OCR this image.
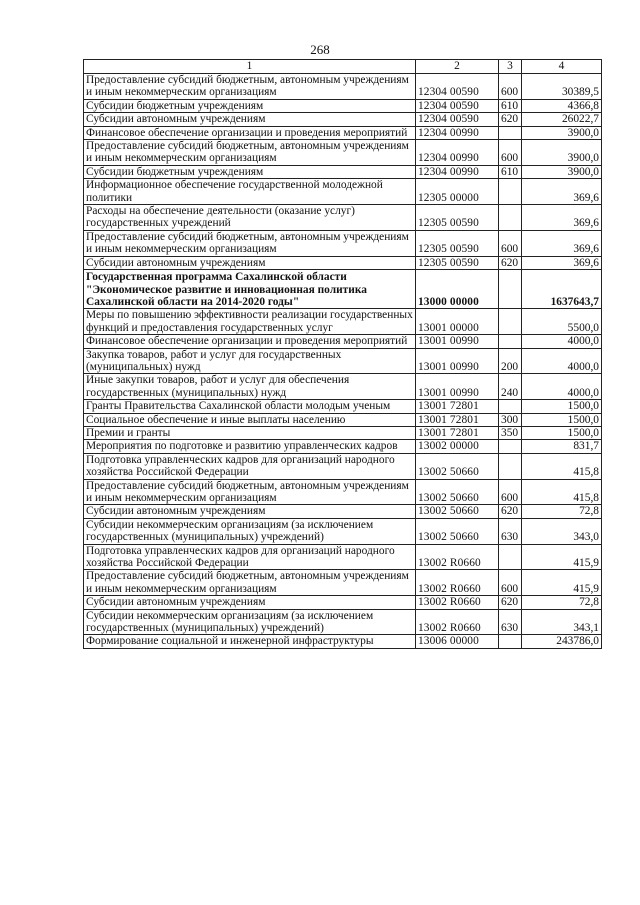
268
1	2	3	4
Предоставление субсидий бюджетным, автономным учреждениям и иным некоммерческим организациям	12304 00590	600	30389,5
Субсидии бюджетным учреждениям	12304 00590	610	4366,8
Субсидии автономным учреждениям	12304 00590	620	26022,7
Финансовое обеспечение организации и проведения мероприятий	12304 00990		3900,0
Предоставление субсидий бюджетным, автономным учреждениям и иным некоммерческим организациям	12304 00990	600	3900,0
Субсидии бюджетным учреждениям	12304 00990	610	3900,0
Информационное обеспечение государственной молодежной политики	12305 00000		369,6
Расходы на обеспечение деятельности (оказание услуг) государственных учреждений	12305 00590		369,6
Предоставление субсидий бюджетным, автономным учреждениям и иным некоммерческим организациям	12305 00590	600	369,6
Субсидии автономным учреждениям	12305 00590	620	369,6
Государственная программа Сахалинской области "Экономическое развитие и инновационная политика Сахалинской области на 2014-2020 годы"	13000 00000		1637643,7
Меры по повышению эффективности реализации государственных функций и предоставления государственных услуг	13001 00000		5500,0
Финансовое обеспечение организации и проведения мероприятий	13001 00990		4000,0
Закупка товаров, работ и услуг для государственных (муниципальных) нужд	13001 00990	200	4000,0
Иные закупки товаров, работ и услуг для обеспечения государственных (муниципальных) нужд	13001 00990	240	4000,0
Гранты Правительства Сахалинской области молодым ученым	13001 72801		1500,0
Социальное обеспечение и иные выплаты населению	13001 72801	300	1500,0
Премии и гранты	13001 72801	350	1500,0
Мероприятия по подготовке и развитию управленческих кадров	13002 00000		831,7
Подготовка управленческих кадров для организаций народного хозяйства Российской Федерации	13002 50660		415,8
Предоставление субсидий бюджетным, автономным учреждениям и иным некоммерческим организациям	13002 50660	600	415,8
Субсидии автономным учреждениям	13002 50660	620	72,8
Субсидии некоммерческим организациям (за исключением государственных (муниципальных) учреждений)	13002 50660	630	343,0
Подготовка управленческих кадров для организаций народного хозяйства Российской Федерации	13002 R0660		415,9
Предоставление субсидий бюджетным, автономным учреждениям и иным некоммерческим организациям	13002 R0660	600	415,9
Субсидии автономным учреждениям	13002 R0660	620	72,8
Субсидии некоммерческим организациям (за исключением государственных (муниципальных) учреждений)	13002 R0660	630	343,1
Формирование социальной и инженерной инфраструктуры	13006 00000		243786,0
